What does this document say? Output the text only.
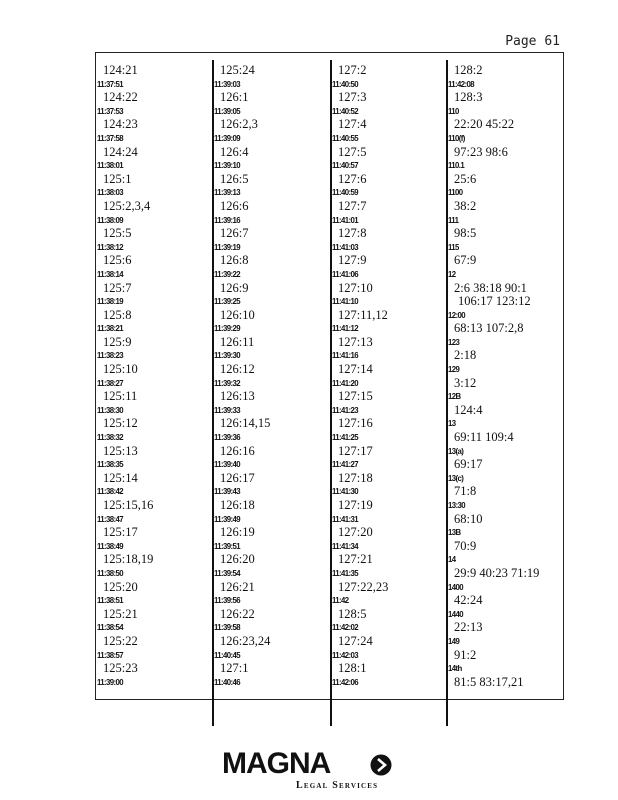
Page 61
124:21
11:37:51
124:22
11:37:53
124:23
11:37:58
124:24
11:38:01
125:1
11:38:03
125:2,3,4
11:38:09
125:5
11:38:12
125:6
11:38:14
125:7
11:38:19
125:8
11:38:21
125:9
11:38:23
125:10
11:38:27
125:11
11:38:30
125:12
11:38:32
125:13
11:38:35
125:14
11:38:42
125:15,16
11:38:47
125:17
11:38:49
125:18,19
11:38:50
125:20
11:38:51
125:21
11:38:54
125:22
11:38:57
125:23
11:39:00
125:24
11:39:03
126:1
11:39:05
126:2,3
11:39:09
126:4
11:39:10
126:5
11:39:13
126:6
11:39:16
126:7
11:39:19
126:8
11:39:22
126:9
11:39:25
126:10
11:39:29
126:11
11:39:30
126:12
11:39:32
126:13
11:39:33
126:14,15
11:39:36
126:16
11:39:40
126:17
11:39:43
126:18
11:39:49
126:19
11:39:51
126:20
11:39:54
126:21
11:39:56
126:22
11:39:58
126:23,24
11:40:45
127:1
11:40:46
127:2
11:40:50
127:3
11:40:52
127:4
11:40:55
127:5
11:40:57
127:6
11:40:59
127:7
11:41:01
127:8
11:41:03
127:9
11:41:06
127:10
11:41:10
127:11,12
11:41:12
127:13
11:41:16
127:14
11:41:20
127:15
11:41:23
127:16
11:41:25
127:17
11:41:27
127:18
11:41:30
127:19
11:41:31
127:20
11:41:34
127:21
11:41:35
127:22,23
11:42
128:5
11:42:02
127:24
11:42:03
128:1
11:42:06
128:2
11:42:08
128:3
110
22:20 45:22
110(f)
97:23 98:6
110.1
25:6
1100
38:2
111
98:5
115
67:9
12
2:6 38:18 90:1
106:17 123:12
12:00
68:13 107:2,8
123
2:18
129
3:12
12B
124:4
13
69:11 109:4
13(a)
69:17
13(c)
71:8
13:30
68:10
13B
70:9
14
29:9 40:23 71:19
1400
42:24
1440
22:13
149
91:2
14th
81:5 83:17,21
MAGNA
Legal Services
